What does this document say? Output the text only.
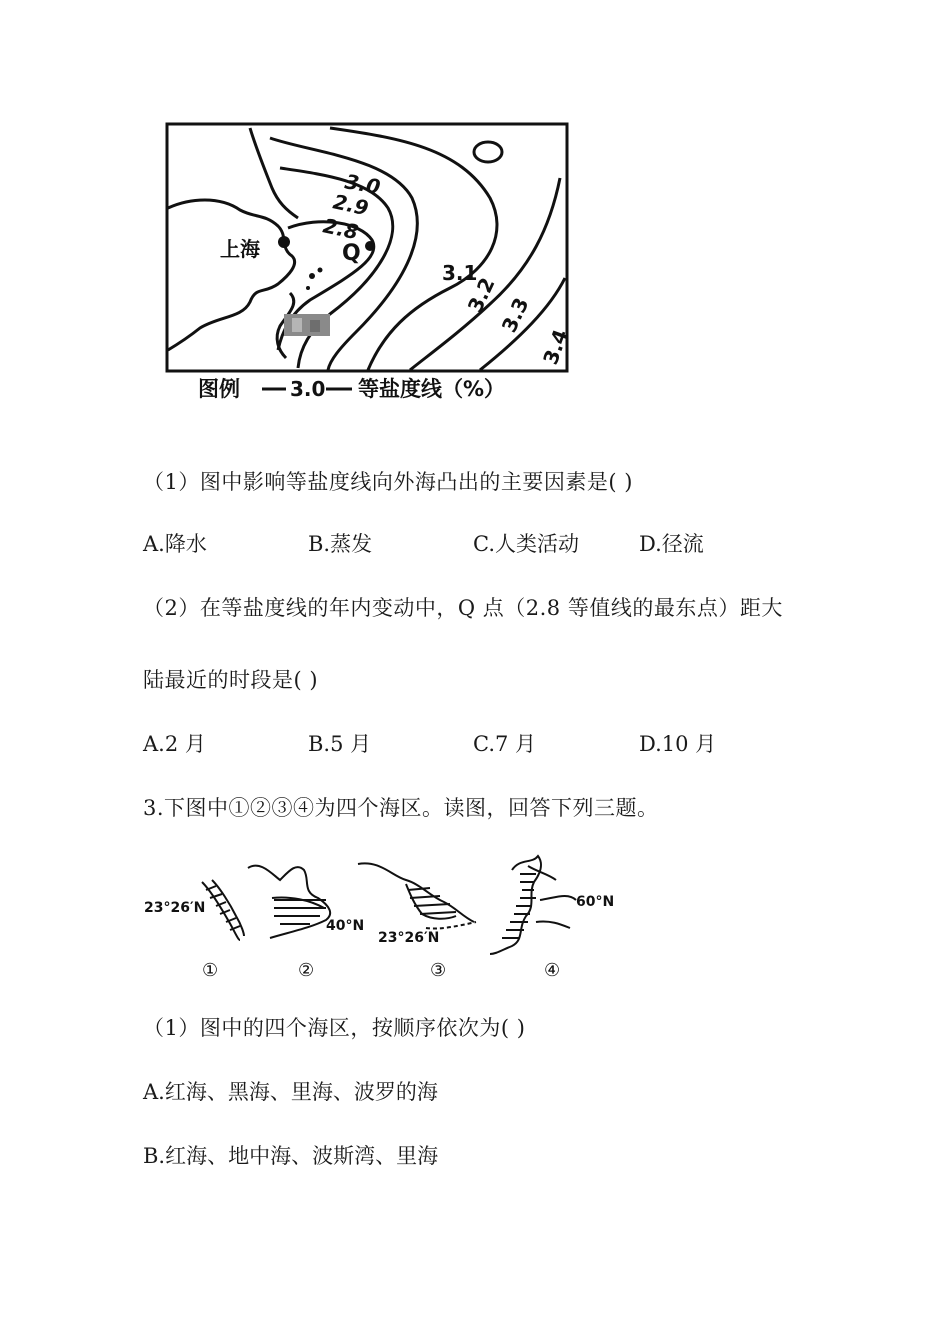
上海	Q
3.0
2.9
2.8
3.1
3.2
3.3
3.4
图例	3.0 等盐度线（%）
（1）图中影响等盐度线向外海凸出的主要因素是( )
A.降水	B.蒸发	C.人类活动	D.径流
（2）在等盐度线的年内变动中，Q 点（2.8 等值线的最东点）距大
陆最近的时段是( )
A.2 月	B.5 月	C.7 月	D.10 月
3.下图中①②③④为四个海区。读图，回答下列三题。
23°26′N
40°N
23°26′N
60°N
①	②	③	④
（1）图中的四个海区，按顺序依次为( )
A.红海、黑海、里海、波罗的海
B.红海、地中海、波斯湾、里海
